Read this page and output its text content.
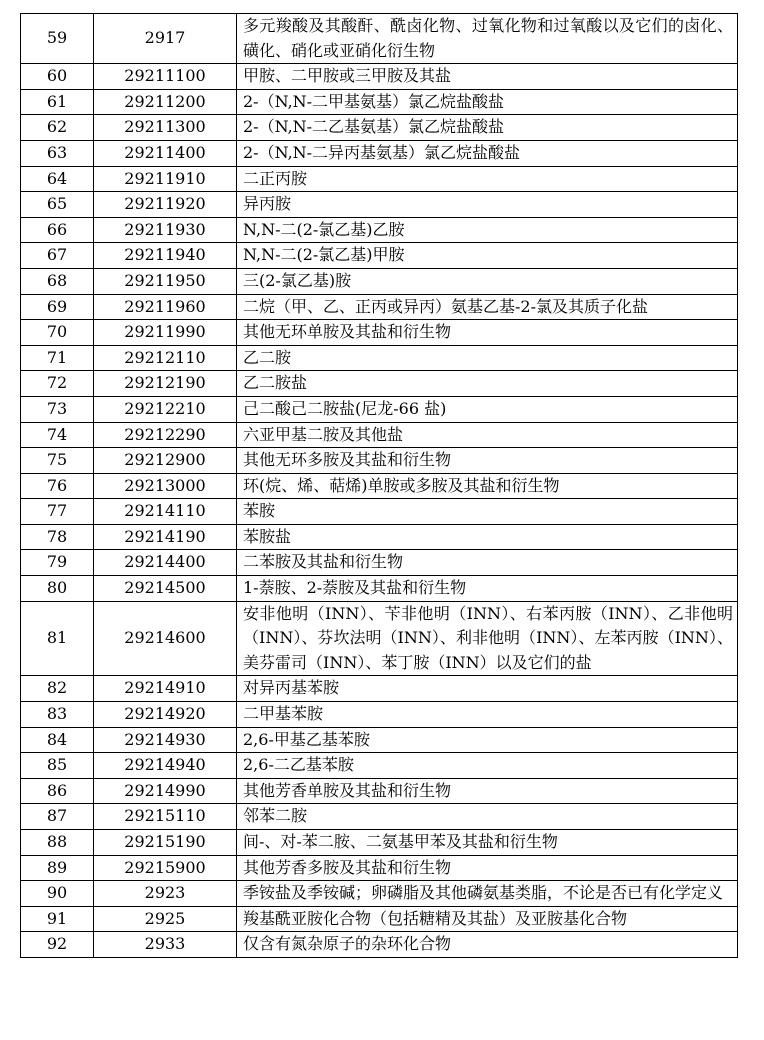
59	2917	多元羧酸及其酸酐、酰卤化物、过氧化物和过氧酸以及它们的卤化、磺化、硝化或亚硝化衍生物
60	29211100	甲胺、二甲胺或三甲胺及其盐
61	29211200	2-（N,N-二甲基氨基）氯乙烷盐酸盐
62	29211300	2-（N,N-二乙基氨基）氯乙烷盐酸盐
63	29211400	2-（N,N-二异丙基氨基）氯乙烷盐酸盐
64	29211910	二正丙胺
65	29211920	异丙胺
66	29211930	N,N-二(2-氯乙基)乙胺
67	29211940	N,N-二(2-氯乙基)甲胺
68	29211950	三(2-氯乙基)胺
69	29211960	二烷（甲、乙、正丙或异丙）氨基乙基-2-氯及其质子化盐
70	29211990	其他无环单胺及其盐和衍生物
71	29212110	乙二胺
72	29212190	乙二胺盐
73	29212210	己二酸己二胺盐(尼龙-66 盐)
74	29212290	六亚甲基二胺及其他盐
75	29212900	其他无环多胺及其盐和衍生物
76	29213000	环(烷、烯、萜烯)单胺或多胺及其盐和衍生物
77	29214110	苯胺
78	29214190	苯胺盐
79	29214400	二苯胺及其盐和衍生物
80	29214500	1-萘胺、2-萘胺及其盐和衍生物
81	29214600	安非他明（INN）、苄非他明（INN）、右苯丙胺（INN）、乙非他明（INN）、芬坎法明（INN）、利非他明（INN）、左苯丙胺（INN）、美芬雷司（INN）、苯丁胺（INN）以及它们的盐
82	29214910	对异丙基苯胺
83	29214920	二甲基苯胺
84	29214930	2,6-甲基乙基苯胺
85	29214940	2,6-二乙基苯胺
86	29214990	其他芳香单胺及其盐和衍生物
87	29215110	邻苯二胺
88	29215190	间-、对-苯二胺、二氨基甲苯及其盐和衍生物
89	29215900	其他芳香多胺及其盐和衍生物
90	2923	季铵盐及季铵碱；卵磷脂及其他磷氨基类脂，不论是否已有化学定义
91	2925	羧基酰亚胺化合物（包括糖精及其盐）及亚胺基化合物
92	2933	仅含有氮杂原子的杂环化合物
